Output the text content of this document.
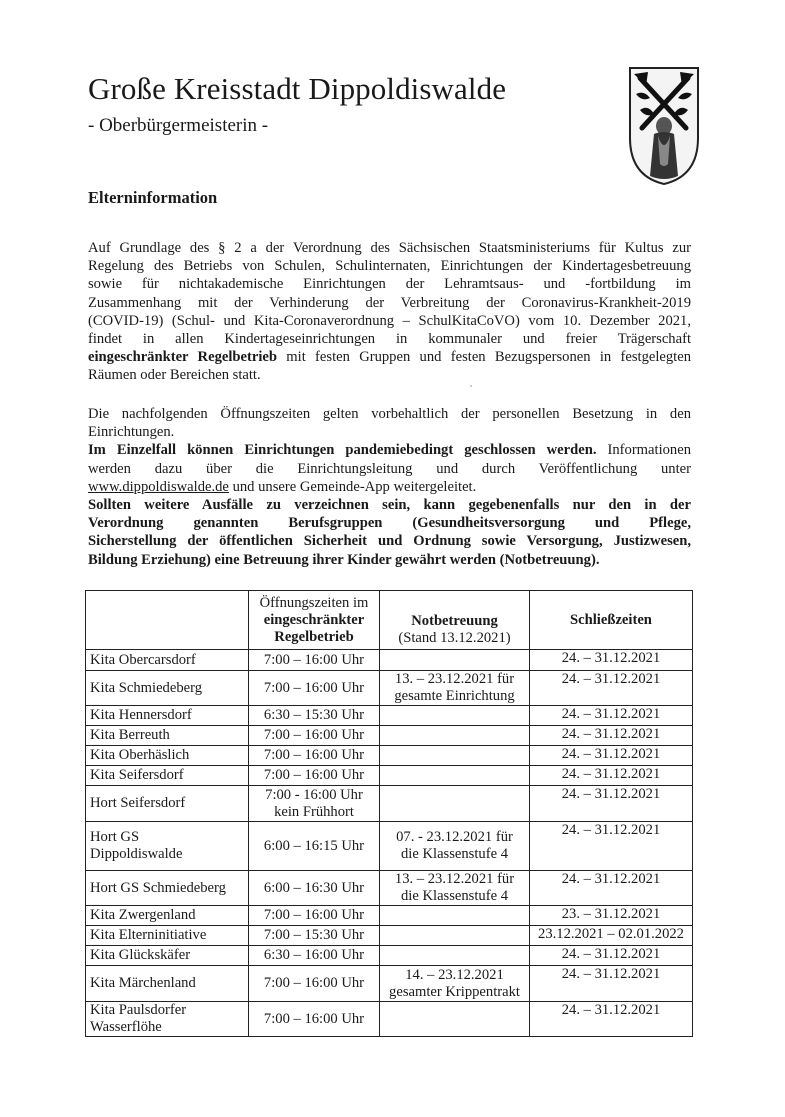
Große Kreisstadt Dippoldiswalde
- Oberbürgermeisterin -
Elterninformation
Auf Grundlage des § 2 a der Verordnung des Sächsischen Staatsministeriums für Kultus zur
Regelung des Betriebs von Schulen, Schulinternaten, Einrichtungen der Kindertagesbetreuung
sowie für nichtakademische Einrichtungen der Lehramtsaus- und -fortbildung im
Zusammenhang mit der Verhinderung der Verbreitung der Coronavirus-Krankheit-2019
(COVID-19) (Schul- und Kita-Coronaverordnung – SchulKitaCoVO) vom 10. Dezember 2021,
findet in allen Kindertageseinrichtungen in kommunaler und freier Trägerschaft
eingeschränkter Regelbetrieb mit festen Gruppen und festen Bezugspersonen in festgelegten
Räumen oder Bereichen statt.
Die nachfolgenden Öffnungszeiten gelten vorbehaltlich der personellen Besetzung in den
Einrichtungen.
Im Einzelfall können Einrichtungen pandemiebedingt geschlossen werden. Informationen
werden dazu über die Einrichtungsleitung und durch Veröffentlichung unter
www.dippoldiswalde.de und unsere Gemeinde-App weitergeleitet.
Sollten weitere Ausfälle zu verzeichnen sein, kann gegebenenfalls nur den in der
Verordnung genannten Berufsgruppen (Gesundheitsversorgung und Pflege,
Sicherstellung der öffentlichen Sicherheit und Ordnung sowie Versorgung, Justizwesen,
Bildung Erziehung) eine Betreuung ihrer Kinder gewährt werden (Notbetreuung).
	Öffnungszeiten im
eingeschränkter
Regelbetrieb	Notbetreuung
(Stand 13.12.2021)	Schließzeiten
Kita Obercarsdorf	7:00 – 16:00 Uhr		24. – 31.12.2021
Kita Schmiedeberg	7:00 – 16:00 Uhr	13. – 23.12.2021 für
gesamte Einrichtung	24. – 31.12.2021
Kita Hennersdorf	6:30 – 15:30 Uhr		24. – 31.12.2021
Kita Berreuth	7:00 – 16:00 Uhr		24. – 31.12.2021
Kita Oberhäslich	7:00 – 16:00 Uhr		24. – 31.12.2021
Kita Seifersdorf	7:00 – 16:00 Uhr		24. – 31.12.2021
Hort Seifersdorf	7:00 - 16:00 Uhr
kein Frühhort		24. – 31.12.2021
Hort GS
Dippoldiswalde	6:00 – 16:15 Uhr	07. - 23.12.2021 für
die Klassenstufe 4	24. – 31.12.2021
Hort GS Schmiedeberg	6:00 – 16:30 Uhr	13. – 23.12.2021 für
die Klassenstufe 4	24. – 31.12.2021
Kita Zwergenland	7:00 – 16:00 Uhr		23. – 31.12.2021
Kita Elterninitiative	7:00 – 15:30 Uhr		23.12.2021 – 02.01.2022
Kita Glückskäfer	6:30 – 16:00 Uhr		24. – 31.12.2021
Kita Märchenland	7:00 – 16:00 Uhr	14. – 23.12.2021
gesamter Krippentrakt	24. – 31.12.2021
Kita Paulsdorfer
Wasserflöhe	7:00 – 16:00 Uhr		24. – 31.12.2021
